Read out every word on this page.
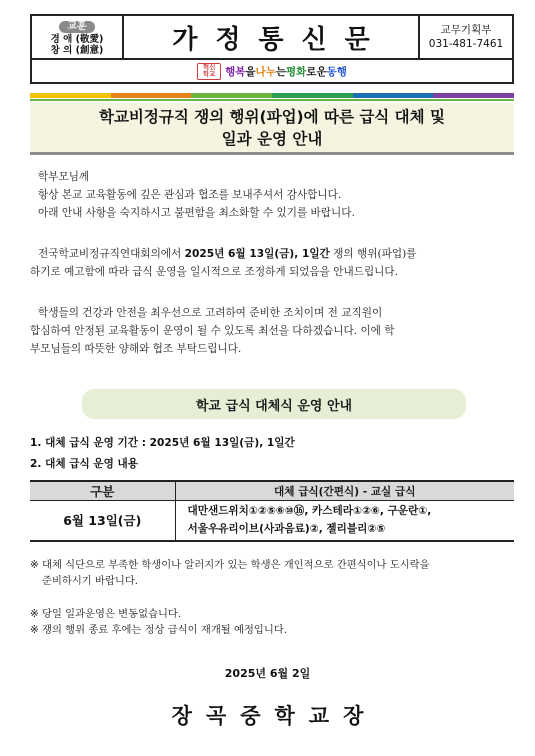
교훈
경 애 (敬愛)
창 의 (創意)	가정통신문	교무기획부
031-481-7461
혁신
학교 행복 을 나누 는 평화 로운 동행
학교비정규직 쟁의 행위(파업)에 따른 급식 대체 및
일과 운영 안내
학부모님께
항상 본교 교육활동에 깊은 관심과 협조를 보내주셔서 감사합니다.
아래 안내 사항을 숙지하시고 불편함을 최소화할 수 있기를 바랍니다.
전국학교비정규직연대회의에서 2025년 6월 13일(금), 1일간 쟁의 행위(파업)를
하기로 예고함에 따라 급식 운영을 일시적으로 조정하게 되었음을 안내드립니다.
학생들의 건강과 안전을 최우선으로 고려하여 준비한 조치이며 전 교직원이
합심하여 안정된 교육활동이 운영이 될 수 있도록 최선을 다하겠습니다. 이에 학
부모님들의 따뜻한 양해와 협조 부탁드립니다.
학교 급식 대체식 운영 안내
1. 대체 급식 운영 기간 : 2025년 6월 13일(금), 1일간
2. 대체 급식 운영 내용
구분	대체 급식(간편식) - 교실 급식
6월 13일(금)	대만샌드위치①②⑤⑥⑩⑯, 카스테라①②⑥, 구운란①,
서울우유리이브(사과음료)②, 젤리블리②⑤
※ 대체 식단으로 부족한 학생이나 알러지가 있는 학생은 개인적으로 간편식이나 도시락을
준비하시기 바랍니다.
※ 당일 일과운영은 변동없습니다.
※ 쟁의 행위 종료 후에는 정상 급식이 재개될 예정입니다.
2025년 6월 2일
장곡중학교장
